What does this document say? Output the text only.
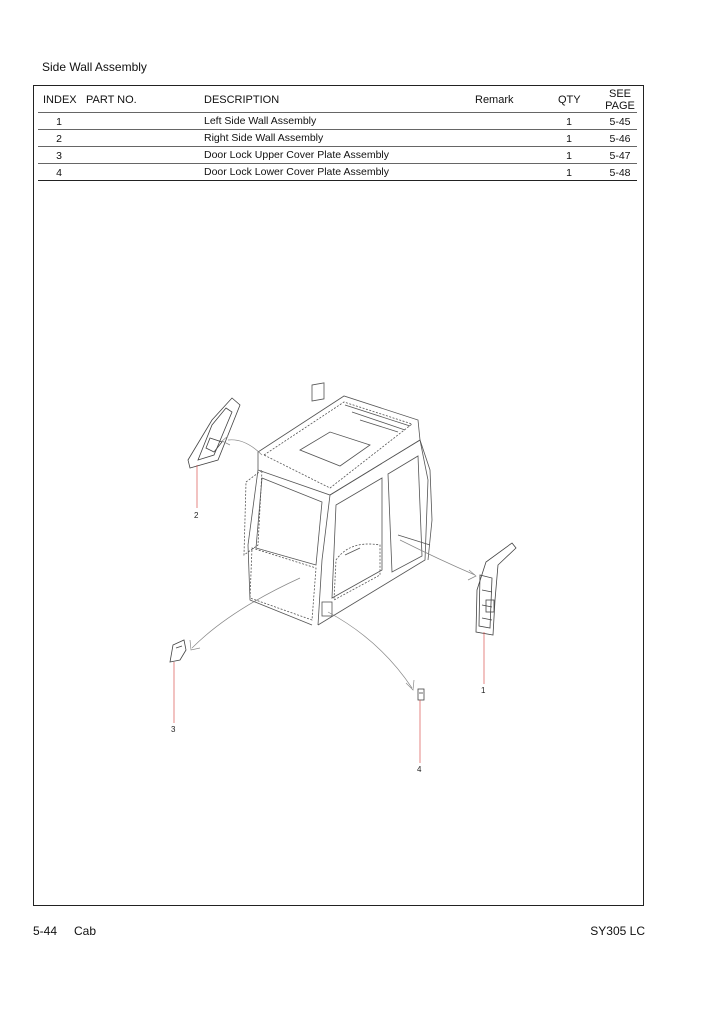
Side Wall Assembly
INDEX PART NO.	DESCRIPTION	Remark	QTY	SEE
PAGE
1	Left Side Wall Assembly	1	5-45
2	Right Side Wall Assembly	1	5-46
3	Door Lock Upper Cover Plate Assembly	1	5-47
4	Door Lock Lower Cover Plate Assembly	1	5-48
2
1
3
4
5-44 Cab	SY305 LC
